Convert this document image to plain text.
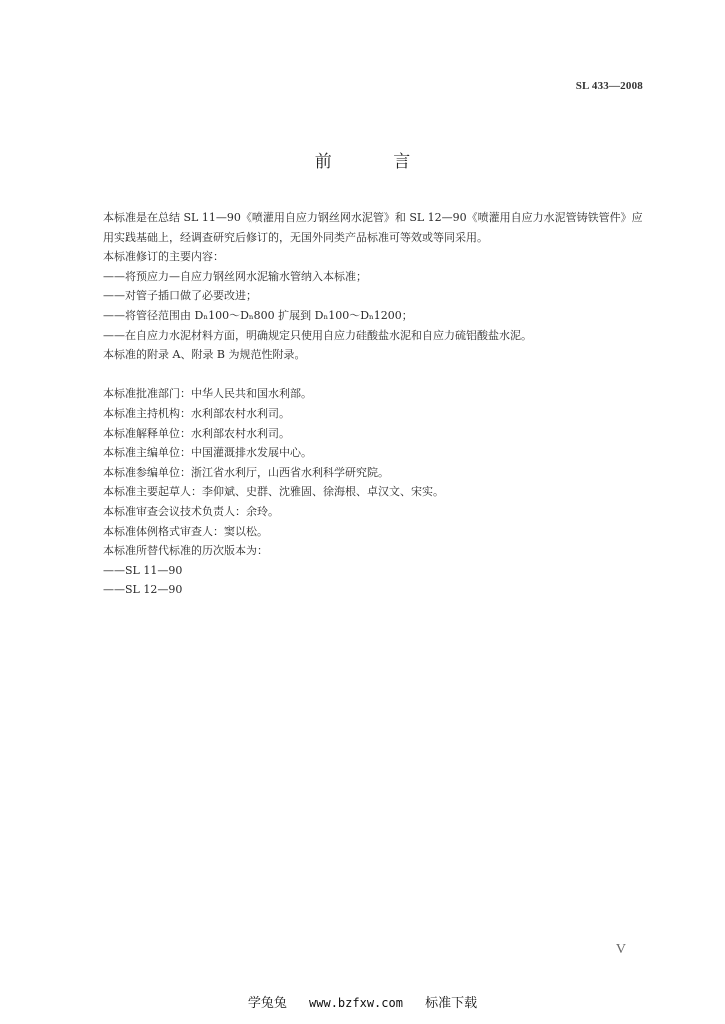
SL 433—2008
前 言

本标准是在总结 SL 11—90《喷灌用自应力钢丝网水泥管》和 SL 12—90《喷灌用自应力水泥管铸铁管件》应用实践基础上，经调查研究后修订的，无国外同类产品标准可等效或等同采用。

本标准修订的主要内容：

——将预应力—自应力钢丝网水泥输水管纳入本标准；

——对管子插口做了必要改进；

——将管径范围由 Dₙ100～Dₙ800 扩展到 Dₙ100～Dₙ1200；

——在自应力水泥材料方面，明确规定只使用自应力硅酸盐水泥和自应力硫铝酸盐水泥。

本标准的附录 A、附录 B 为规范性附录。

本标准批准部门：中华人民共和国水利部。

本标准主持机构：水利部农村水利司。

本标准解释单位：水利部农村水利司。

本标准主编单位：中国灌溉排水发展中心。

本标准参编单位：浙江省水利厅，山西省水利科学研究院。

本标准主要起草人：李仰斌、史群、沈雅固、徐海根、卓汉文、宋实。

本标准审查会议技术负责人：余玲。

本标准体例格式审查人：窦以松。

本标准所替代标准的历次版本为：

——SL 11—90

——SL 12—90

V
学兔兔 www.bzfxw.com 标准下载
